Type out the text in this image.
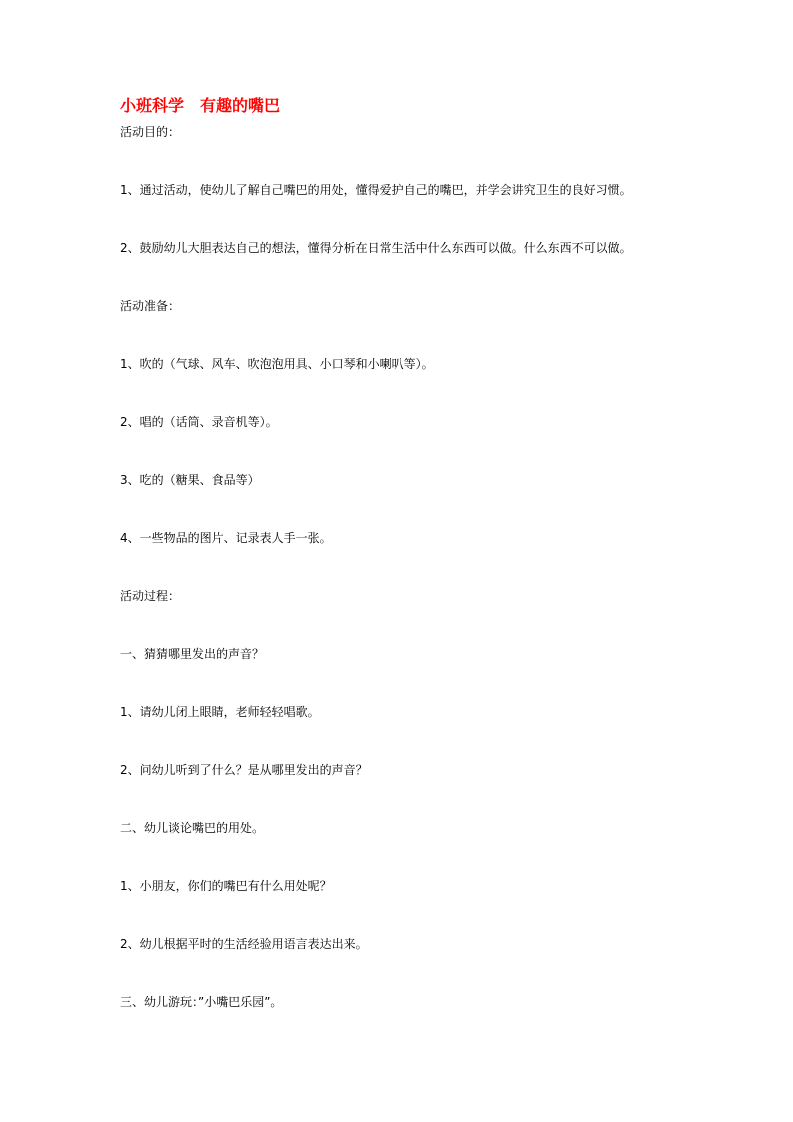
小班科学　有趣的嘴巴
活动目的：
1、通过活动，使幼儿了解自己嘴巴的用处，懂得爱护自己的嘴巴，并学会讲究卫生的良好习惯。
2、鼓励幼儿大胆表达自己的想法，懂得分析在日常生活中什么东西可以做。什么东西不可以做。
活动准备：
1、吹的（气球、风车、吹泡泡用具、小口琴和小喇叭等）。
2、唱的（话筒、录音机等）。
3、吃的（糖果、食品等）
4、一些物品的图片、记录表人手一张。
活动过程：
一、猜猜哪里发出的声音？
1、请幼儿闭上眼睛，老师轻轻唱歌。
2、问幼儿听到了什么？是从哪里发出的声音？
二、幼儿谈论嘴巴的用处。
1、小朋友，你们的嘴巴有什么用处呢？
2、幼儿根据平时的生活经验用语言表达出来。
三、幼儿游玩：”小嘴巴乐园”。
